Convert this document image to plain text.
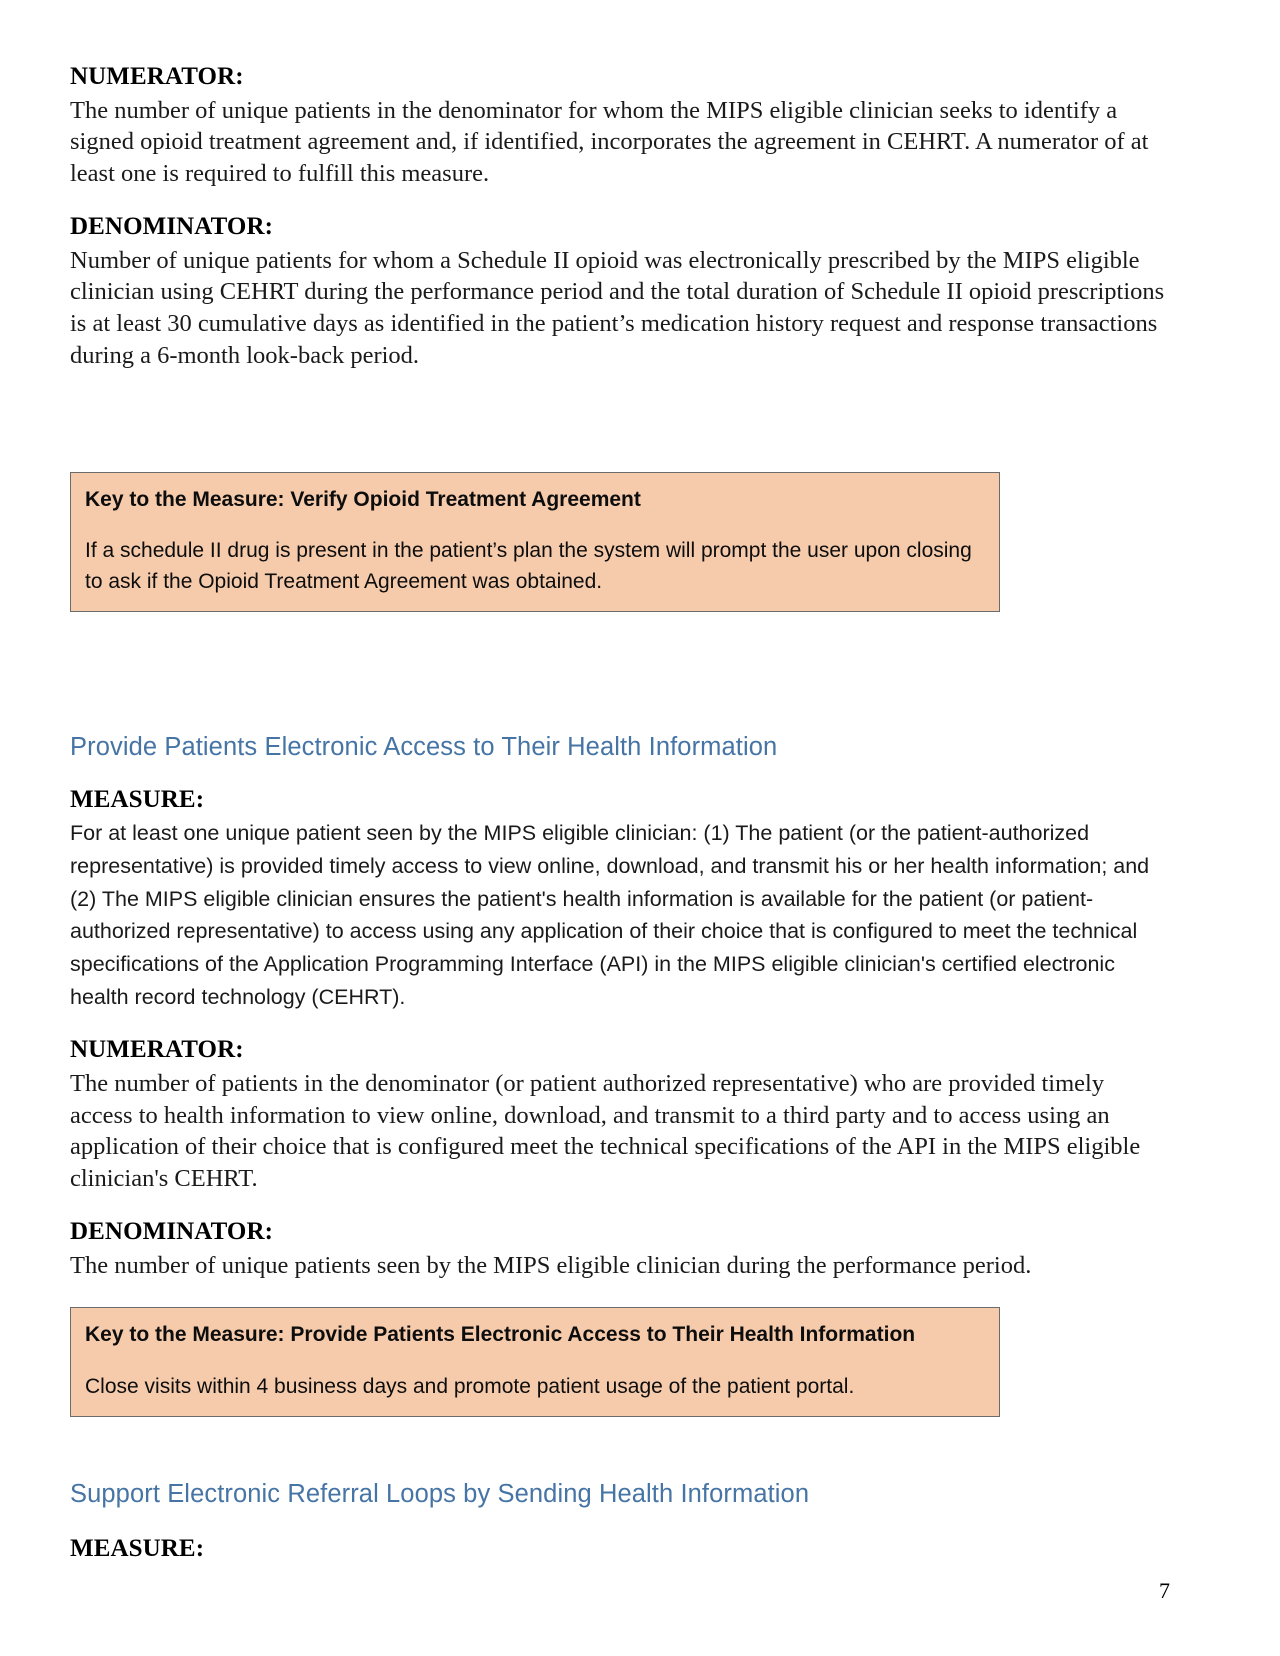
NUMERATOR:

The number of unique patients in the denominator for whom the MIPS eligible clinician seeks to identify a signed opioid treatment agreement and, if identified, incorporates the agreement in CEHRT. A numerator of at least one is required to fulfill this measure.

DENOMINATOR:

Number of unique patients for whom a Schedule II opioid was electronically prescribed by the MIPS eligible clinician using CEHRT during the performance period and the total duration of Schedule II opioid prescriptions is at least 30 cumulative days as identified in the patient’s medication history request and response transactions during a 6-month look-back period.

Key to the Measure: Verify Opioid Treatment Agreement

If a schedule II drug is present in the patient’s plan the system will prompt the user upon closing to ask if the Opioid Treatment Agreement was obtained.

Provide Patients Electronic Access to Their Health Information
MEASURE:

For at least one unique patient seen by the MIPS eligible clinician: (1) The patient (or the patient-authorized representative) is provided timely access to view online, download, and transmit his or her health information; and (2) The MIPS eligible clinician ensures the patient's health information is available for the patient (or patient-authorized representative) to access using any application of their choice that is configured to meet the technical specifications of the Application Programming Interface (API) in the MIPS eligible clinician's certified electronic health record technology (CEHRT).

NUMERATOR:

The number of patients in the denominator (or patient authorized representative) who are provided timely access to health information to view online, download, and transmit to a third party and to access using an application of their choice that is configured meet the technical specifications of the API in the MIPS eligible clinician's CEHRT.

DENOMINATOR:

The number of unique patients seen by the MIPS eligible clinician during the performance period.

Key to the Measure: Provide Patients Electronic Access to Their Health Information

Close visits within 4 business days and promote patient usage of the patient portal.

Support Electronic Referral Loops by Sending Health Information
MEASURE:
7
